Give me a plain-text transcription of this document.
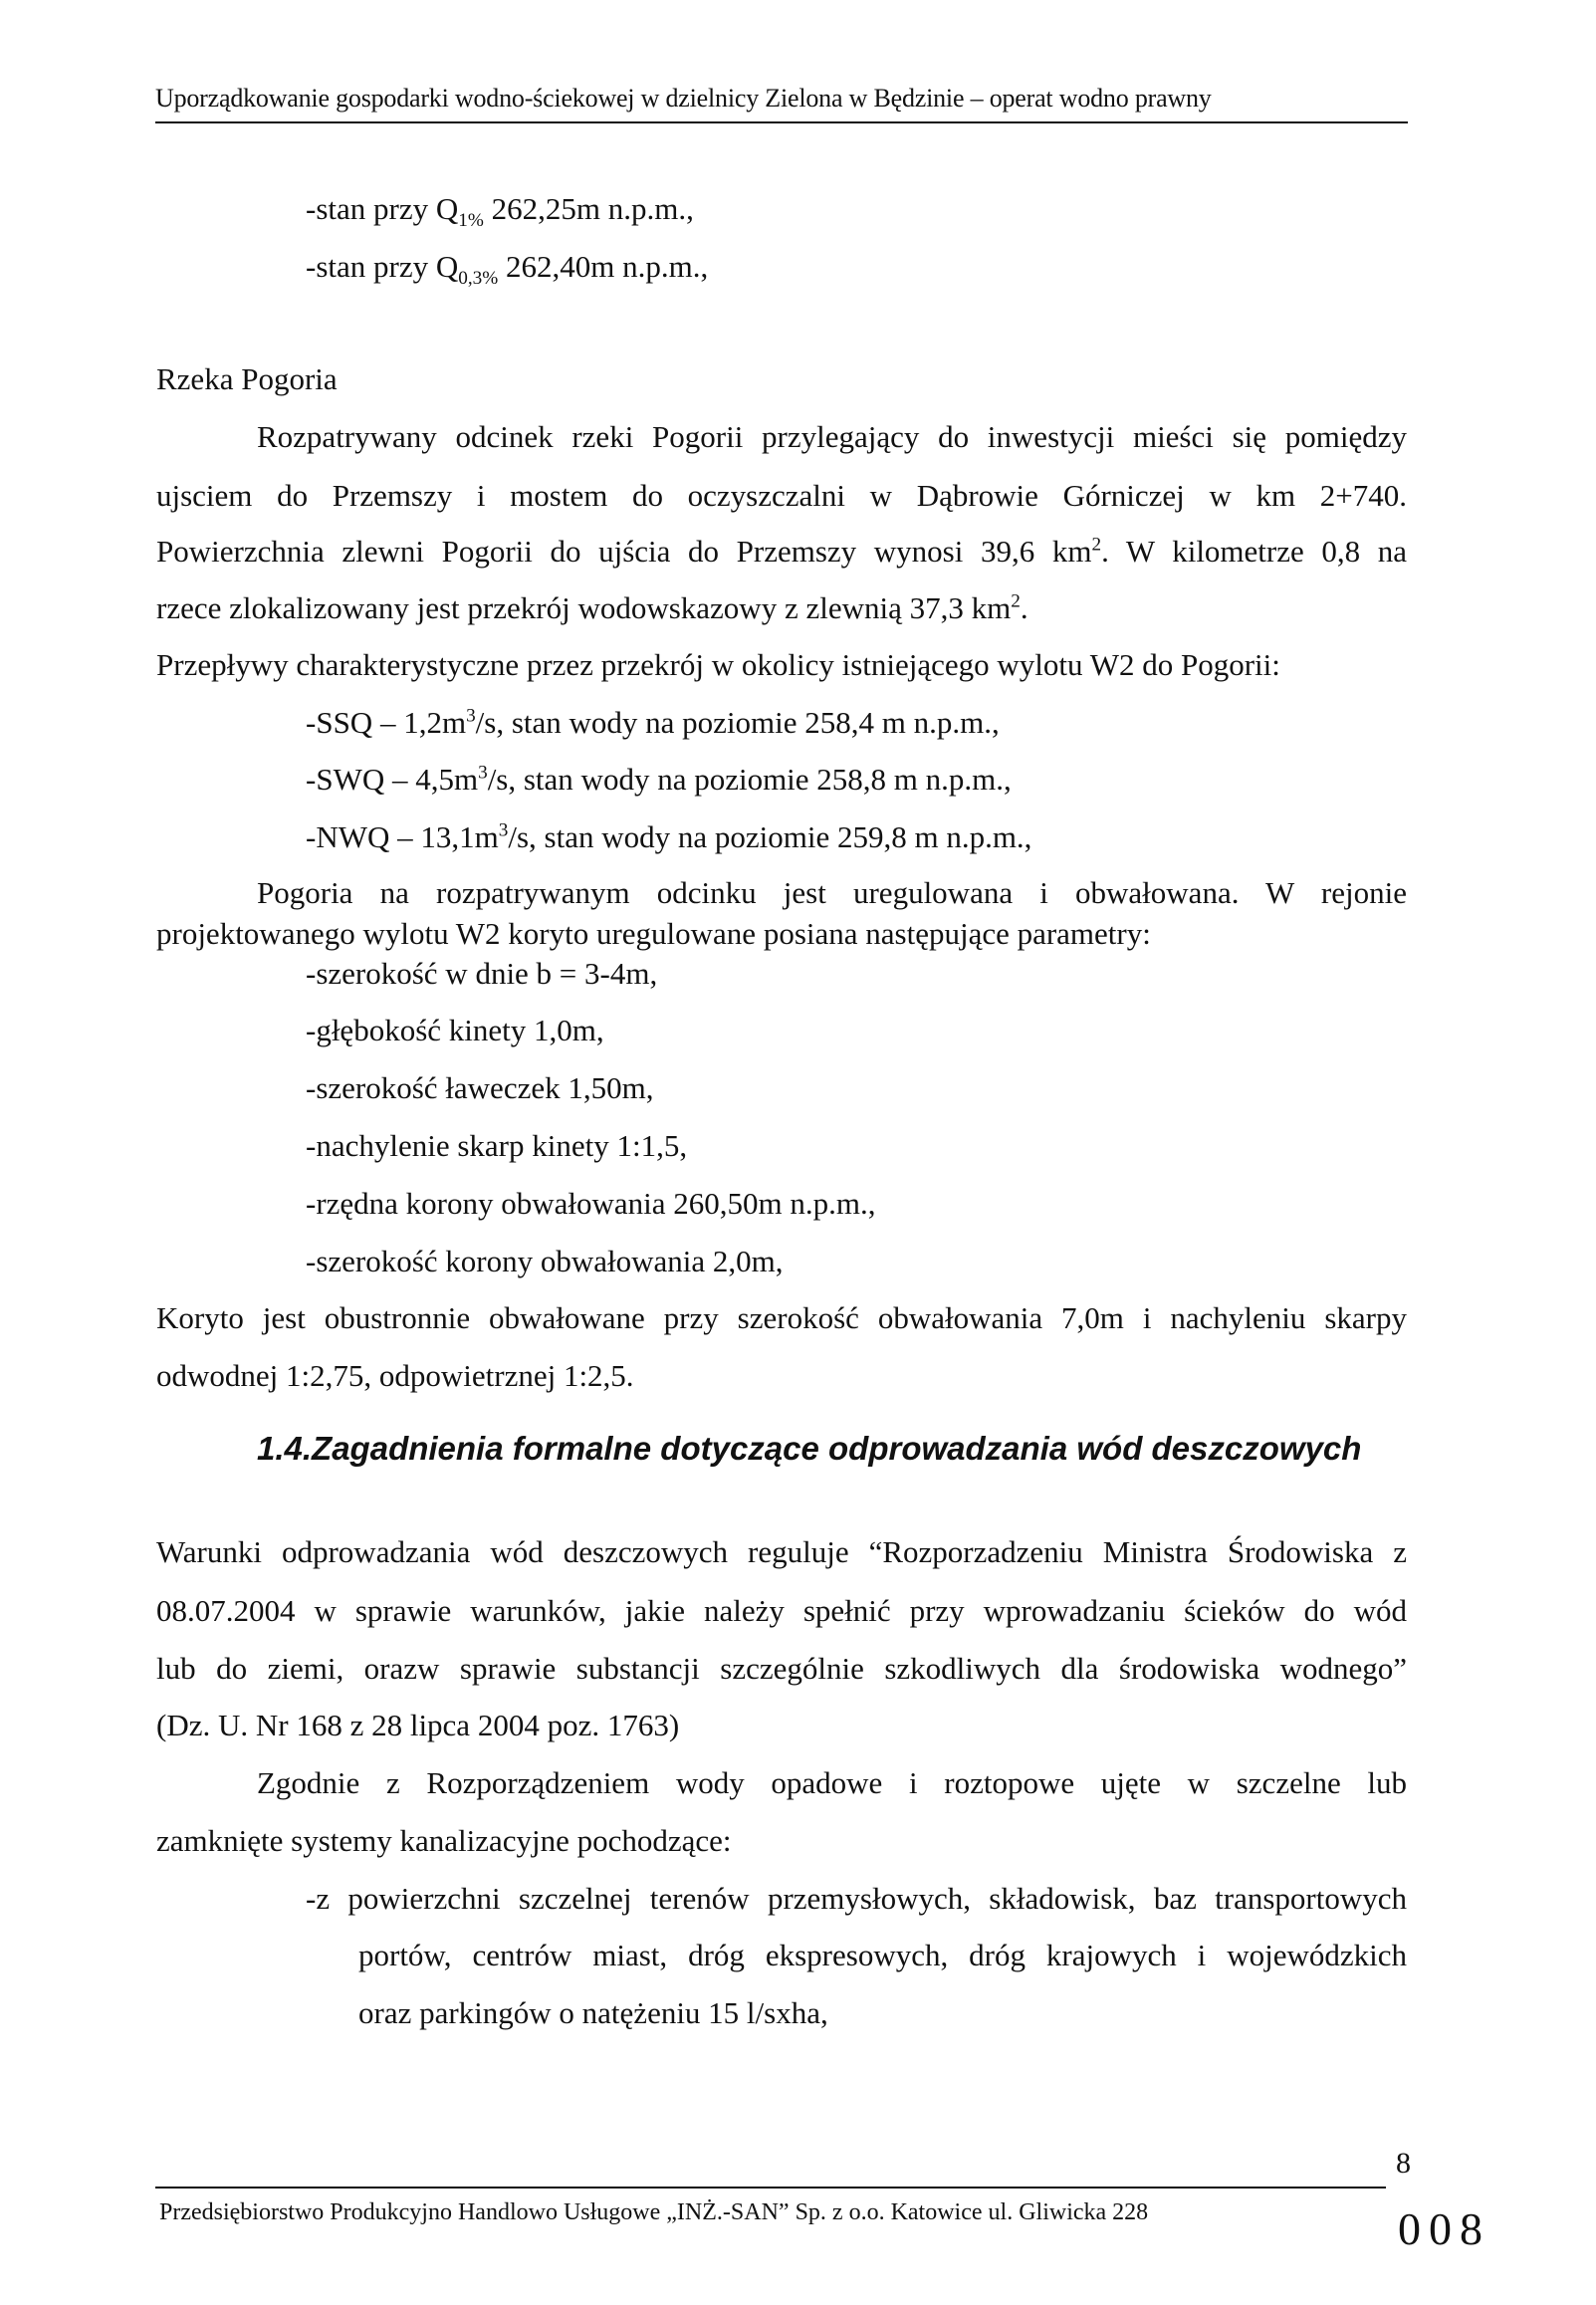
Uporządkowanie gospodarki wodno-ściekowej w dzielnicy Zielona w Będzinie – operat wodno prawny
-stan przy $Q_{1\%}$ 262,25m n.p.m.,
-stan przy $Q_{0,3\%}$ 262,40m n.p.m.,
Rzeka Pogoria
Rozpatrywany odcinek rzeki Pogorii przylegający do inwestycji mieści się pomiędzy
ujsciem do Przemszy i mostem do oczyszczalni w Dąbrowie Górniczej w km 2+740.
Powierzchnia zlewni Pogorii do ujścia do Przemszy wynosi 39,6 $km^2$. W kilometrze 0,8 na
rzece zlokalizowany jest przekrój wodowskazowy z zlewnią 37,3 $km^2$.
Przepływy charakterystyczne przez przekrój w okolicy istniejącego wylotu W2 do Pogorii:
$-SSQ - 1,2m^3/s$, stan wody na poziomie 258,4 m n.p.m.,
$-SWQ - 4,5m^3/s$, stan wody na poziomie 258,8 m n.p.m.,
$-NWQ - 13,1m^3/s$, stan wody na poziomie 259,8 m n.p.m.,
Pogoria na rozpatrywanym odcinku jest uregulowana i obwałowana. W rejonie
projektowanego wylotu W2 koryto uregulowane posiana następujące parametry:
-szerokość w dnie b = 3-4m,
-głębokość kinety 1,0m,
-szerokość ławeczek 1,50m,
-nachylenie skarp kinety 1:1,5,
-rzędna korony obwałowania 260,50m n.p.m.,
-szerokość korony obwałowania 2,0m,
Koryto jest obustronnie obwałowane przy szerokość obwałowania 7,0m i nachyleniu skarpy
odwodnej 1:2,75, odpowietrznej 1:2,5.
1.4.Zagadnienia formalne dotyczące odprowadzania wód deszczowych
Warunki odprowadzania wód deszczowych reguluje “Rozporzadzeniu Ministra Środowiska z
08.07.2004 w sprawie warunków, jakie należy spełnić przy wprowadzaniu ścieków do wód
lub do ziemi, orazw sprawie substancji szczególnie szkodliwych dla środowiska wodnego”
(Dz. U. Nr 168 z 28 lipca 2004 poz. 1763)
Zgodnie z Rozporządzeniem wody opadowe i roztopowe ujęte w szczelne lub
zamknięte systemy kanalizacyjne pochodzące:
-z powierzchni szczelnej terenów przemysłowych, składowisk, baz transportowych
portów, centrów miast, dróg ekspresowych, dróg krajowych i wojewódzkich
oraz parkingów o natężeniu 15 l/sxha,
8
Przedsiębiorstwo Produkcyjno Handlowo Usługowe „INŻ.-SAN” Sp. z o.o. Katowice ul. Gliwicka 228	008
